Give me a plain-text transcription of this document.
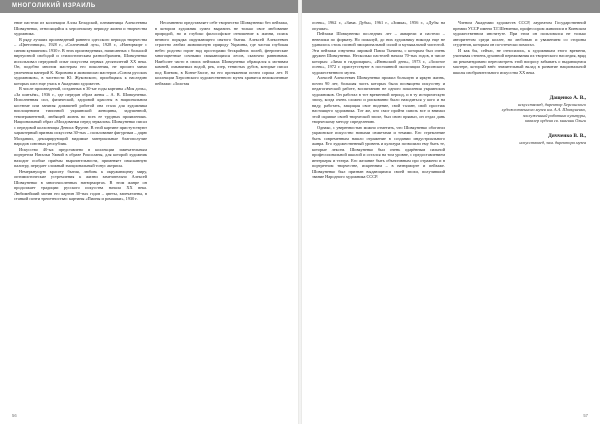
МНОГОЛИКИЙ ИЗРАИЛЬ

ение пастели из коллекции Аллы Беладской, племянницы Алексеевны Шовкуненко, относящийся к херсонскому периоду жизни и творчества художника.

В ряду лучших произведений раннего одесского периода творчества – «Цветочница», 1928 г., «Солнечный луч», 1928 г., «Натюрморт с синим кувшином» 1930 г. В этих произведениях, написанных с большой виртуозной свободой и стилистическим разнообразием, Шовкуненко использовал передовой опыт искусства первых десятилетий ХХ века. Он, подобно многим мастерам его поколения, не прошел мимо увлечения манерой К. Коровина и живописью мастеров «Союза русских художников», в частности Ю. Жуковского, приобщаясь к наследию которых шел еще учась в Академии художеств.

В числе произведений, созданных в 30-ые годы картины «Моя дочь», «За шитьём», 1936 г., где передан образ жены – А. В. Шовкуненко. Исполненная сил, физической, здоровой красоты в национальном костюме или занятая домашней работой она стала для художника воплощением типичной украинской женщины, задушевной, темпераментной, любящей жизнь во всех ее трудных проявлениях. Национальный образ «Молдованки перед зеркалом» Шовкуненко писал с передовой колхозницы Дениса Фрунзе. В этой картине пристутствуют характерный признак искусства 30-тых – пользование фигурным – дарю Молдавии, декларирующий видимые материальные благополучие народов союзных республик.

Искусство 40-ых представлено в коллекции замечательным портретом Натальи Ужвий в образе Роксоланы, для которой художник находит особые приёмы выразительности, применяет изысканную палитру, передает сложный эмоциональный тонус актрисы.

Немеркнущую красоту бытия, любовь к окружающему миру, оптимистические устремления к жизни замечательно Алексей Шовкуненко в многочисленных натюрмортах. В этом жанре он продолжает традиции русского искусства начала ХХ века. Любимейший мотив его картин 30-тых годов – цветы, запечатлены, в станкой почти трепетностью: картины «Пионы и ромашки», 1930 г.

Несомненно представляет себе творчество Шовкуненко без пейзажа, в котором художник сумел выразить не только свое любование природой, но и глубоко философское отношение к жизни, поиск вечного порядка окружающего святого бытия. Алексей Алексеевич страстно любил живописную природу Украины, где частая глубокая небес родство горит над просторами бескрайних полей, феерические многоцветные сочными смыкающихся лесов, сказочно равнинами. Наиболее часто в своих пейзажах Шовкуненко обращался к мотивам камней, омываемых водой, рек, озер, тенистых дубов, которые писал под Киевом, в Конче-Заспе, на его протяжении почти сорока лет. В коллекции Херсонского художественного музея хранятся великолепные пейзажи: «Золотая

56

осень», 1962 г., «Зима. Дубы», 1961 г., «Зимка», 1956 г., «Дубы на опушке».

Пейзажи Шовкуненко последних лет – акварели и пастели – невелики по формату. Но пожалуй, до них художнику никогда еще не удавалось столь полной эмоциональной силой и музыкальной чистотой. Эти пейзажи озвучены лирикой Павла Тычины, с которым был очень дружен Шовкуненко. Несколько пастелей начала 70-тых годов, в числе которых: «Зима в гидропарке», «Июньский день», 1973 г., «Золотое осень», 1972 г. пристутствуют в постоянной экспозиции Херсонского художественного музея.

Алексей Алексеевич Шовкуненко прожил большую и яркую жизнь, почти 90 лет, большая часть которых была посвящена искусству и педагогической работе, воспитанию не одного поколения украинских художников. Он работал в тот временной период, и в ту историческую эпоху, когда очень сложно и рискованно было находиться у кого и на виду, работать, защищая свое видение, свой талант, свой простиж настоящего художника. Тот же, кто смог пройти сквозь все и внимал этой скрипке своей творческой эпохе, был свою прямыз, он отдал дань творческому методу спределению.

Однако, с уверенностью можно отметить, что Шовкуненко обогатил украинское искусство новыми сюжетами и темами. Его стремление быть современным нашло отражение в создании индустриального жанра. Его художественный уровень и культура позволили ему быть те, которые лексем. Шовкуненко был очень одарённым сильной профессиональной школой и остался на том уровне, с предоставлением интерьеры и театра. Его желание быть объективным про отражено и в портретном творчестве, искренним – в натюрморте и пейзаже. Шовкуненко был признан выдающимся своей эпохи, получивший звание Народного художника СССР.

Членом Академии художеств СССР, лауреатом Государственной премии УССР имени Т.Г.Шевченко, профессором живописи в Киевском художественном институте. При этом он пользовался не только авторитетом среди коллег, но любовью и уважением со стороны студентов, которым он по-отечески помогал.

И как бы, сейчас, не относились, к художникам этого времени, учитывая степень духовной переживания их творческого наследия, вряд ли рекомендовано пересмотреть этой вопросу забывать о выдающемся мастере, который внёс значительный вклад в развитие национальной школы изобразительного искусства ХХ века.

Дащенко А. В.,
искусствовед, директор Херсонского
художественного музея им. А.А. Шовкуненко,
заслуженный работник культуры,
кавалер ордена св. княгини Ольги
Дячченко В. В.,
искусствовед, зам. директора музея
57
